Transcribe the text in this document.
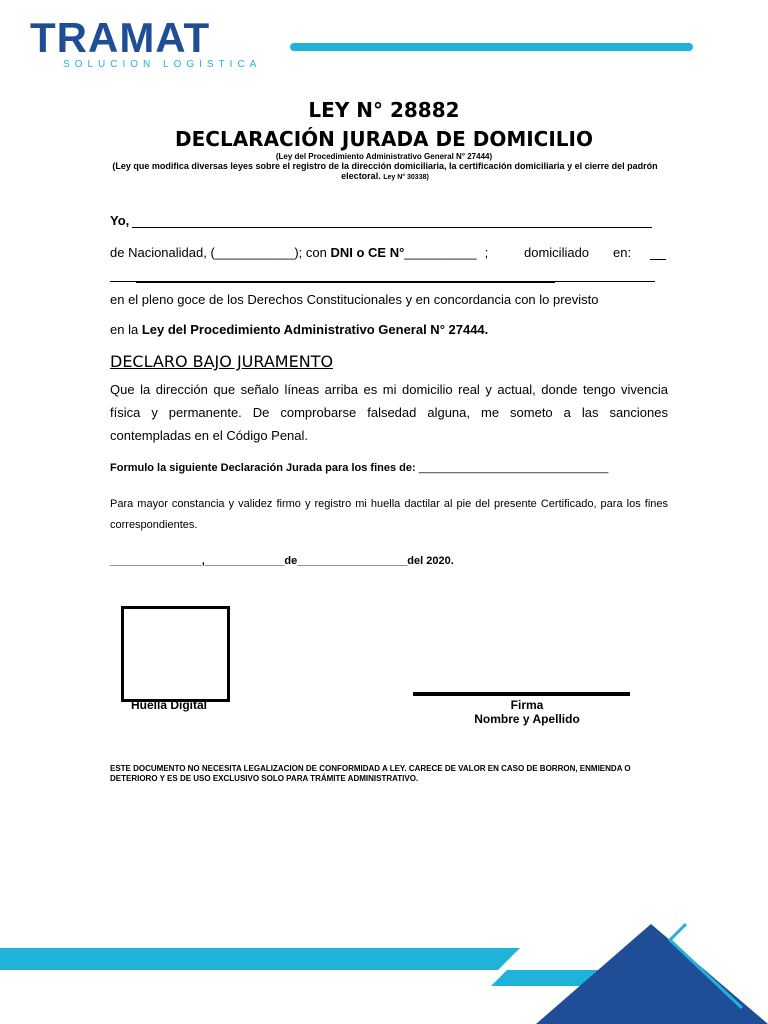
TRAMAT
SOLUCION LOGISTICA
LEY N° 28882
DECLARACIÓN JURADA DE DOMICILIO
(Ley del Procedimiento Administrativo General N° 27444)
(Ley que modifica diversas leyes sobre el registro de la dirección domiciliaria, la certificación domiciliaria y el cierre del padrón electoral. Ley N° 30338)
Yo,
de Nacionalidad, (___________); con DNI o CE N°__________ ;	domiciliado en:
en el pleno goce de los Derechos Constitucionales y en concordancia con lo previsto
en la Ley del Procedimiento Administrativo General N° 27444.
DECLARO BAJO JURAMENTO
Que la dirección que señalo líneas arriba es mi domicilio real y actual, donde tengo vivencia física y permanente. De comprobarse falsedad alguna, me someto a las sanciones contempladas en el Código Penal.
Formulo la siguiente Declaración Jurada para los fines de: _______________________________
Para mayor constancia y validez firmo y registro mi huella dactilar al pie del presente Certificado, para los fines correspondientes.
_______________,_____________de__________________del 2020.
Huella Digital	Firma
Nombre y Apellido
ESTE DOCUMENTO NO NECESITA LEGALIZACION DE CONFORMIDAD A LEY. CARECE DE VALOR EN CASO DE BORRON, ENMIENDA O DETERIORO Y ES DE USO EXCLUSIVO SOLO PARA TRÁMITE ADMINISTRATIVO.
